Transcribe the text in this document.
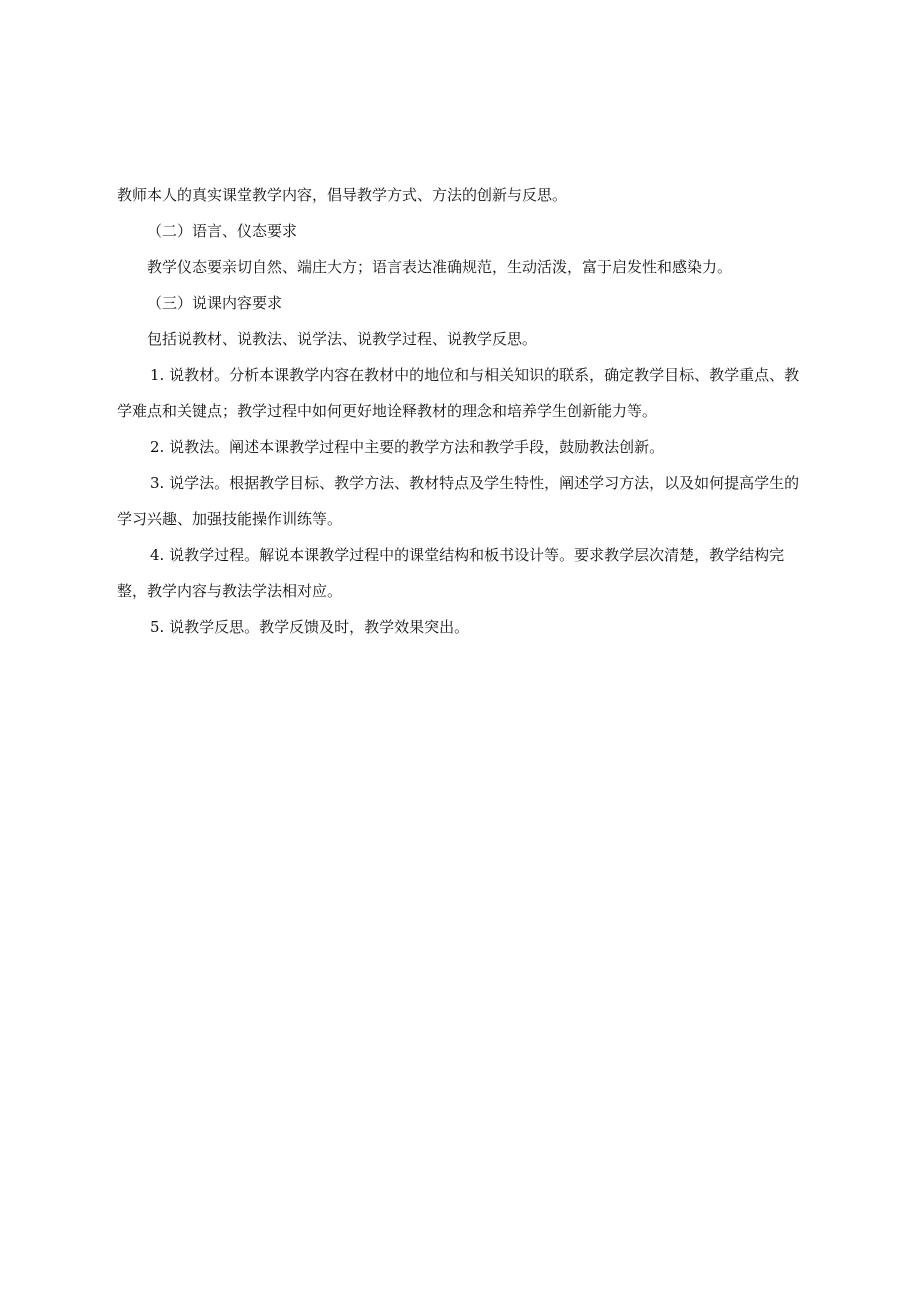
教师本人的真实课堂教学内容，倡导教学方式、方法的创新与反思。

（二）语言、仪态要求

教学仪态要亲切自然、端庄大方；语言表达准确规范，生动活泼，富于启发性和感染力。

（三）说课内容要求

包括说教材、说教法、说学法、说教学过程、说教学反思。

1. 说教材。分析本课教学内容在教材中的地位和与相关知识的联系，确定教学目标、教学重点、教学难点和关键点；教学过程中如何更好地诠释教材的理念和培养学生创新能力等。

2. 说教法。阐述本课教学过程中主要的教学方法和教学手段，鼓励教法创新。

3. 说学法。根据教学目标、教学方法、教材特点及学生特性，阐述学习方法，以及如何提高学生的学习兴趣、加强技能操作训练等。

4. 说教学过程。解说本课教学过程中的课堂结构和板书设计等。要求教学层次清楚，教学结构完整，教学内容与教法学法相对应。

5. 说教学反思。教学反馈及时，教学效果突出。
